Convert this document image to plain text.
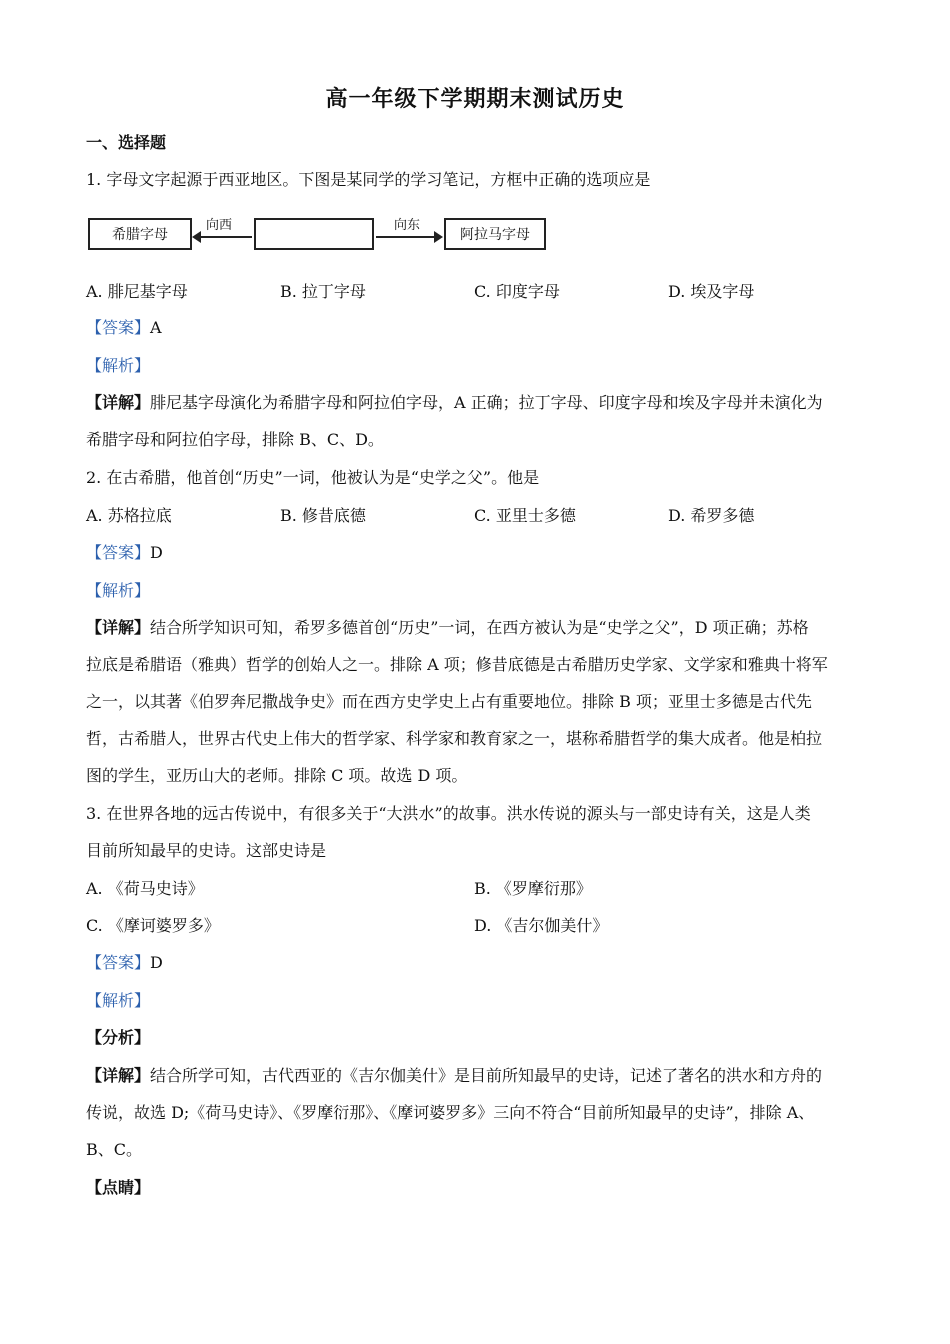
高一年级下学期期末测试历史
一、选择题
1. 字母文字起源于西亚地区。下图是某同学的学习笔记，方框中正确的选项应是
希腊字母
向西	向东
阿拉马字母
A. 腓尼基字母	B. 拉丁字母	C. 印度字母	D. 埃及字母
【答案】A
【解析】
【详解】腓尼基字母演化为希腊字母和阿拉伯字母，A 正确；拉丁字母、印度字母和埃及字母并未演化为
希腊字母和阿拉伯字母，排除 B、C、D。
2. 在古希腊，他首创“历史”一词，他被认为是“史学之父”。他是
A. 苏格拉底	B. 修昔底德	C. 亚里士多德	D. 希罗多德
【答案】D
【解析】
【详解】结合所学知识可知，希罗多德首创“历史”一词，在西方被认为是“史学之父”，D 项正确；苏格
拉底是希腊语（雅典）哲学的创始人之一。排除 A 项；修昔底德是古希腊历史学家、文学家和雅典十将军
之一，以其著《伯罗奔尼撒战争史》而在西方史学史上占有重要地位。排除 B 项；亚里士多德是古代先
哲，古希腊人，世界古代史上伟大的哲学家、科学家和教育家之一，堪称希腊哲学的集大成者。他是柏拉
图的学生，亚历山大的老师。排除 C 项。故选 D 项。
3. 在世界各地的远古传说中，有很多关于“大洪水”的故事。洪水传说的源头与一部史诗有关，这是人类
目前所知最早的史诗。这部史诗是
A. 《荷马史诗》	B. 《罗摩衍那》
C. 《摩诃婆罗多》	D. 《吉尔伽美什》
【答案】D
【解析】
【分析】
【详解】结合所学可知，古代西亚的《吉尔伽美什》是目前所知最早的史诗，记述了著名的洪水和方舟的
传说，故选 D;《荷马史诗》、《罗摩衍那》、《摩诃婆罗多》三向不符合“目前所知最早的史诗”，排除 A、
B、C。
【点睛】
